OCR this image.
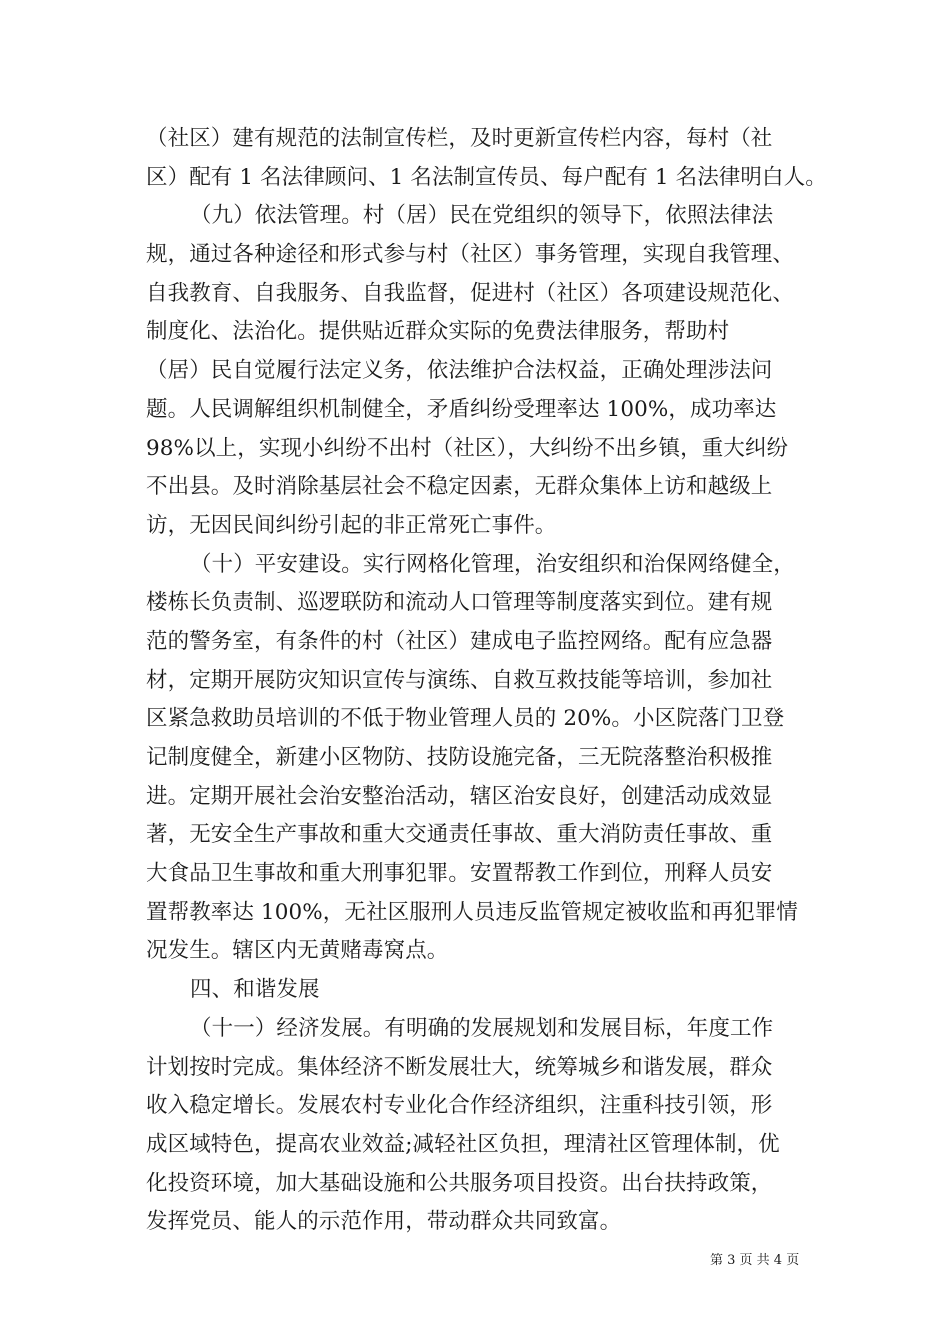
（社区）建有规范的法制宣传栏，及时更新宣传栏内容，每村（社
区）配有 1 名法律顾问、1 名法制宣传员、每户配有 1 名法律明白人。
（九）依法管理。村（居）民在党组织的领导下，依照法律法
规，通过各种途径和形式参与村（社区）事务管理，实现自我管理、
自我教育、自我服务、自我监督，促进村（社区）各项建设规范化、
制度化、法治化。提供贴近群众实际的免费法律服务，帮助村
（居）民自觉履行法定义务，依法维护合法权益，正确处理涉法问
题。人民调解组织机制健全，矛盾纠纷受理率达 100%，成功率达
98%以上，实现小纠纷不出村（社区），大纠纷不出乡镇，重大纠纷
不出县。及时消除基层社会不稳定因素，无群众集体上访和越级上
访，无因民间纠纷引起的非正常死亡事件。
（十）平安建设。实行网格化管理，治安组织和治保网络健全，
楼栋长负责制、巡逻联防和流动人口管理等制度落实到位。建有规
范的警务室，有条件的村（社区）建成电子监控网络。配有应急器
材，定期开展防灾知识宣传与演练、自救互救技能等培训，参加社
区紧急救助员培训的不低于物业管理人员的 20%。小区院落门卫登
记制度健全，新建小区物防、技防设施完备，三无院落整治积极推
进。定期开展社会治安整治活动，辖区治安良好，创建活动成效显
著，无安全生产事故和重大交通责任事故、重大消防责任事故、重
大食品卫生事故和重大刑事犯罪。安置帮教工作到位，刑释人员安
置帮教率达 100%，无社区服刑人员违反监管规定被收监和再犯罪情
况发生。辖区内无黄赌毒窝点。
四、和谐发展
（十一）经济发展。有明确的发展规划和发展目标，年度工作
计划按时完成。集体经济不断发展壮大，统筹城乡和谐发展，群众
收入稳定增长。发展农村专业化合作经济组织，注重科技引领，形
成区域特色，提高农业效益;减轻社区负担，理清社区管理体制，优
化投资环境，加大基础设施和公共服务项目投资。出台扶持政策，
发挥党员、能人的示范作用，带动群众共同致富。
第 3 页 共 4 页
